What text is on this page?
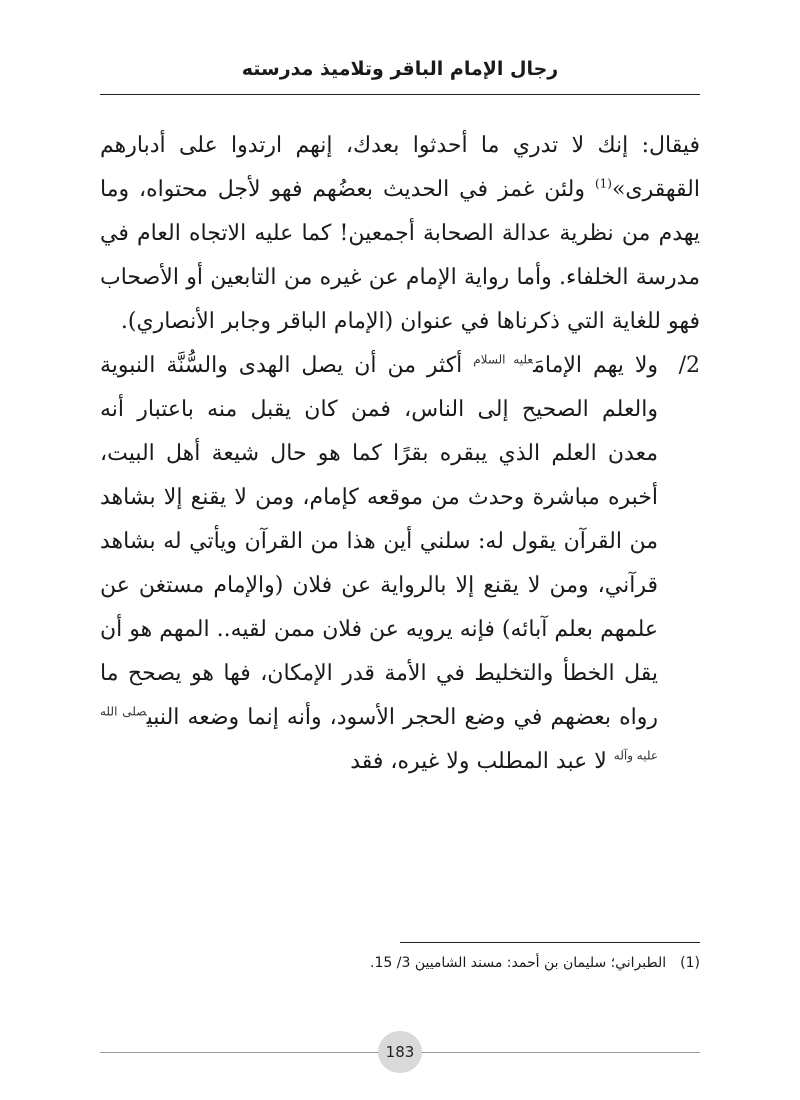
رجال الإمام الباقر وتلاميذ مدرسته

فيقال: إنك لا تدري ما أحدثوا بعدك، إنهم ارتدوا على أدبارهم القهقرى»$^{(1)}$ ولئن غمز في الحديث بعضُهم فهو لأجل محتواه، وما يهدم من نظرية عدالة الصحابة أجمعين! كما عليه الاتجاه العام في مدرسة الخلفاء. وأما رواية الإمام عن غيره من التابعين أو الأصحاب فهو للغاية التي ذكرناها في عنوان (الإمام الباقر وجابر الأنصاري).

2/
ولا يهم الإمامَ$^{عليه السلام}$ أكثر من أن يصل الهدى والسُّنَّة النبوية والعلم الصحيح إلى الناس، فمن كان يقبل منه باعتبار أنه معدن العلم الذي يبقره بقرًا كما هو حال شيعة أهل البيت، أخبره مباشرة وحدث من موقعه كإمام، ومن لا يقنع إلا بشاهد من القرآن يقول له: سلني أين هذا من القرآن ويأتي له بشاهد قرآني، ومن لا يقنع إلا بالرواية عن فلان (والإمام مستغن عن علمهم بعلم آبائه) فإنه يرويه عن فلان ممن لقيه.. المهم هو أن يقل الخطأ والتخليط في الأمة قدر الإمكان، فها هو يصحح ما رواه بعضهم في وضع الحجر الأسود، وأنه إنما وضعه النبي$^{صلى الله عليه وآله}$ لا عبد المطلب ولا غيره، فقد

(1)الطبراني؛ سليمان بن أحمد: مسند الشاميين 3/ 15.
183
